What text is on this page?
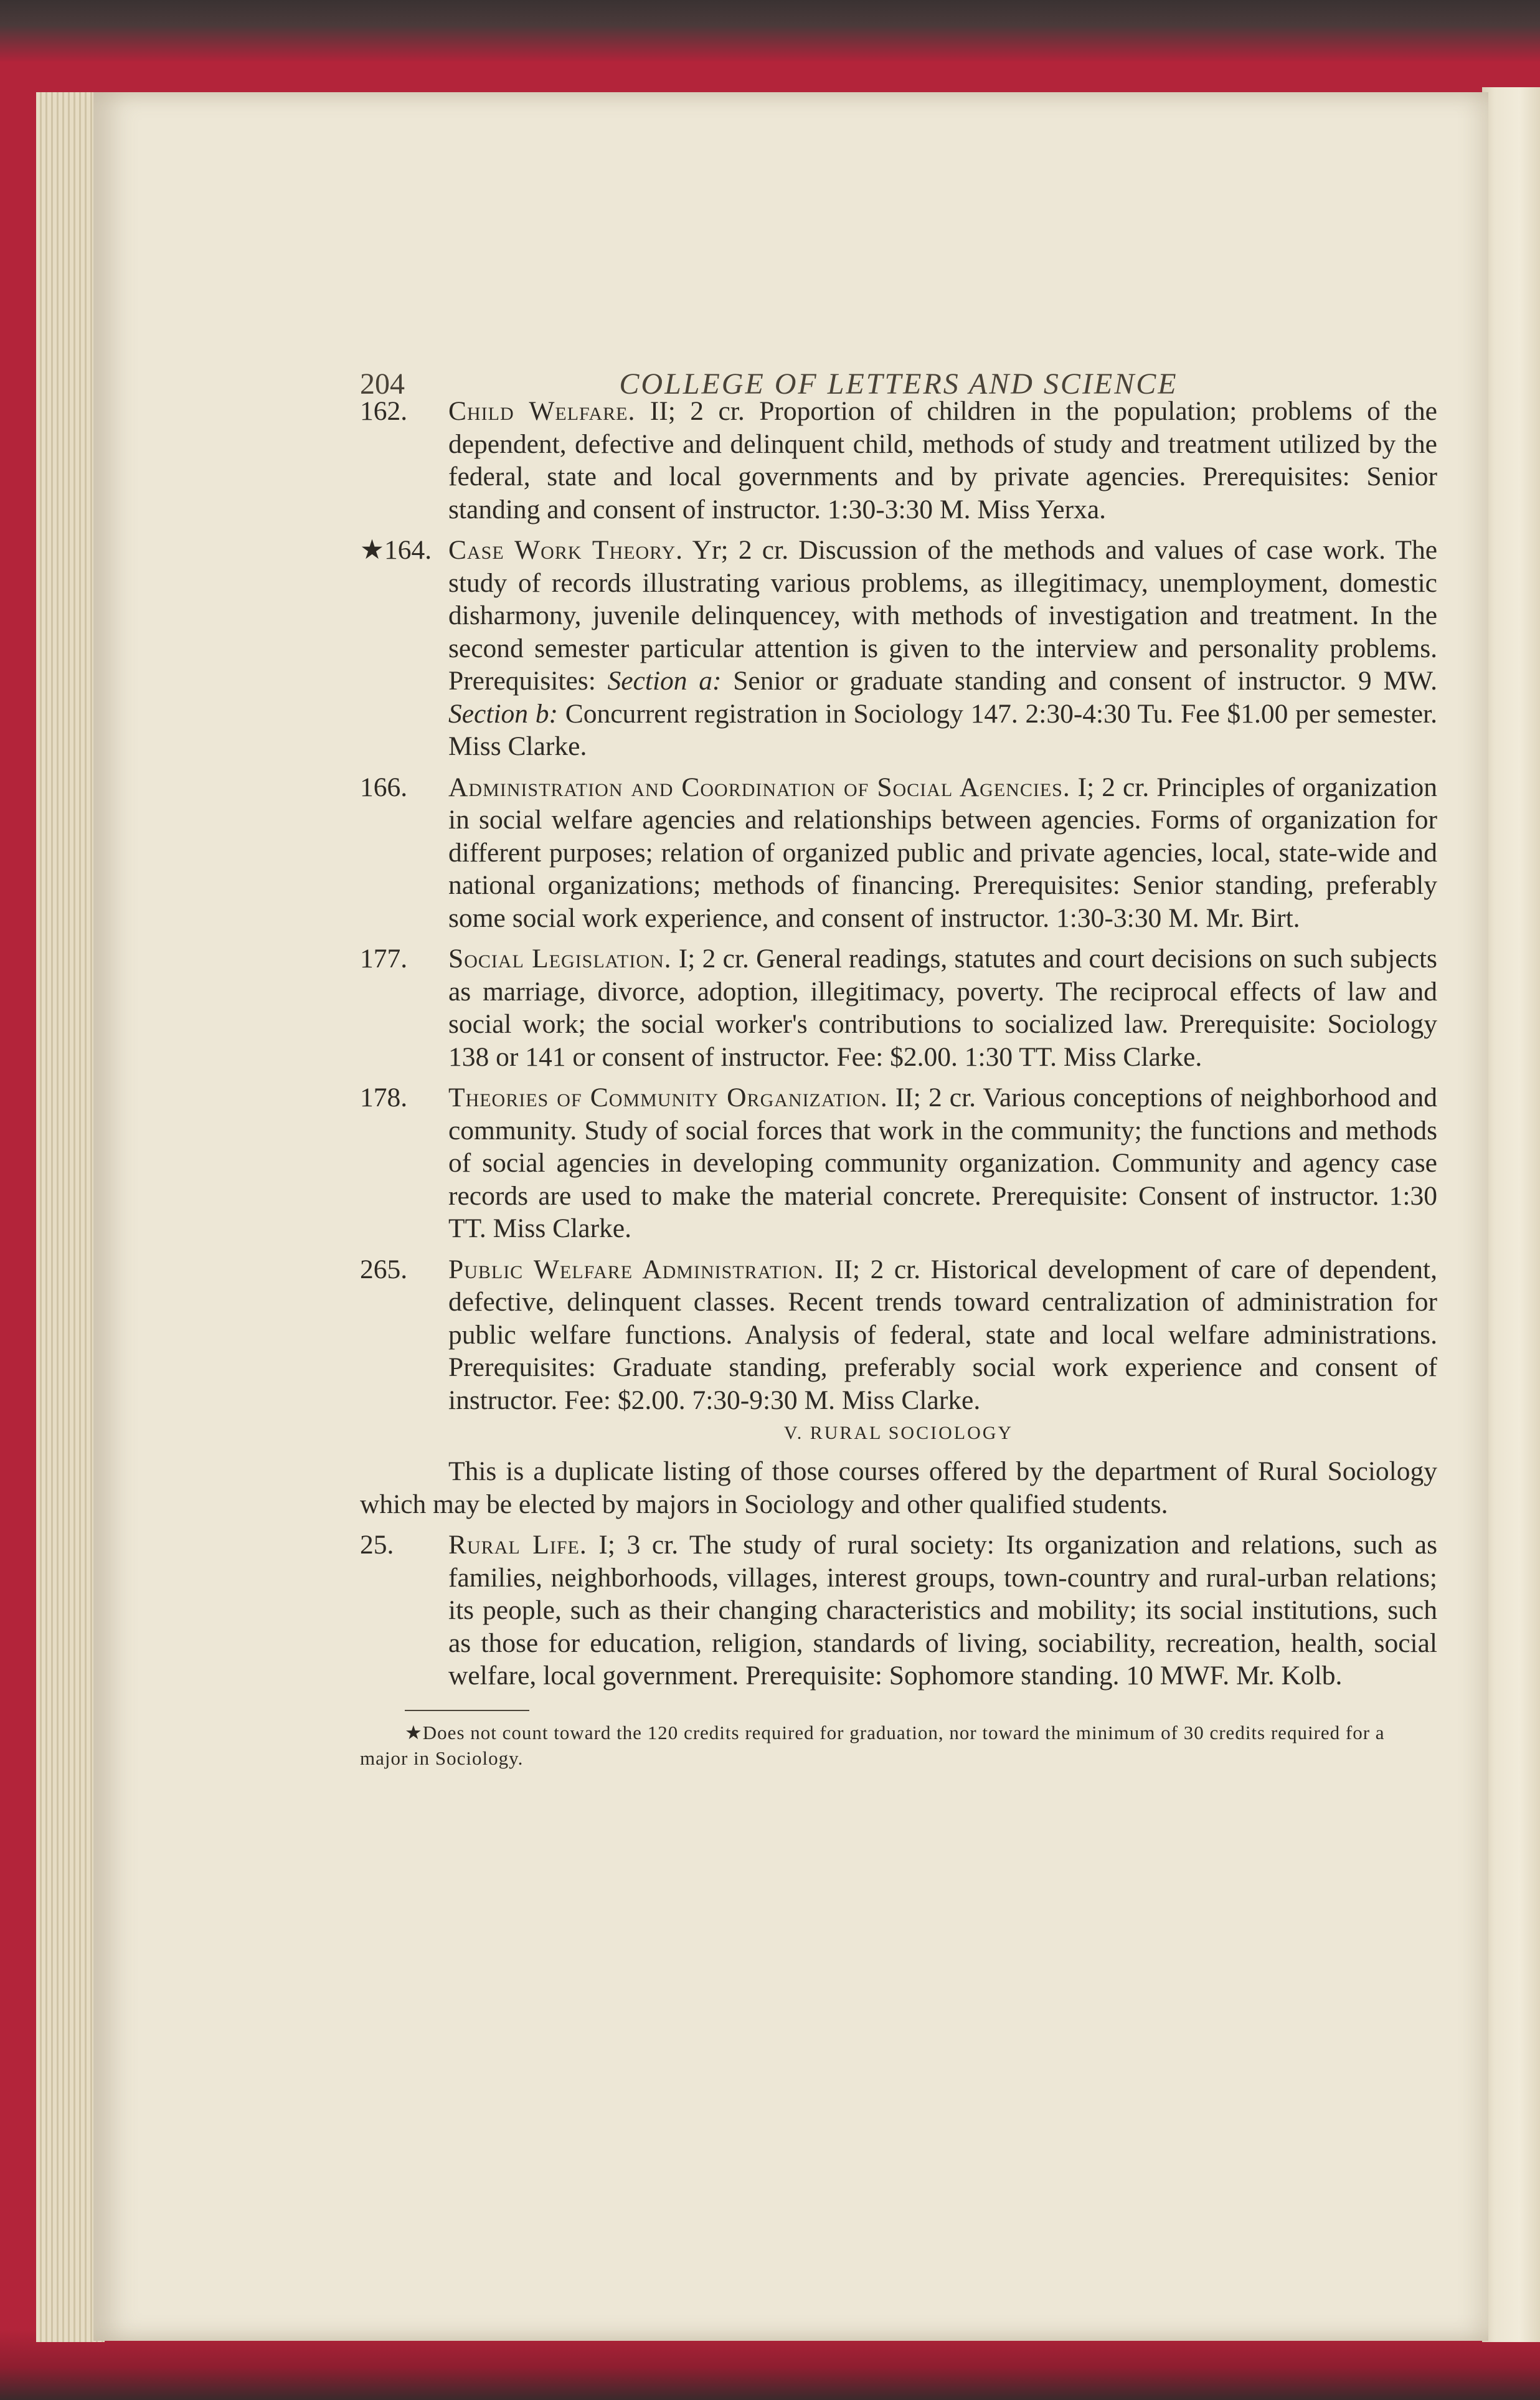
204	COLLEGE OF LETTERS AND SCIENCE

162. Child Welfare. II; 2 cr. Proportion of children in the population; problems of the dependent, defective and delinquent child, methods of study and treatment utilized by the federal, state and local governments and by private agencies. Prerequisites: Senior standing and consent of instructor. 1:30-3:30 M. Miss Yerxa.

★164. Case Work Theory. Yr; 2 cr. Discussion of the methods and values of case work. The study of records illustrating various problems, as illegitimacy, unemployment, domestic disharmony, juvenile delinquencey, with methods of investigation and treatment. In the second semester particular attention is given to the interview and personality problems. Prerequisites: Section a: Senior or graduate standing and consent of instructor. 9 MW. Section b: Concurrent registration in Sociology 147. 2:30-4:30 Tu. Fee $1.00 per semester. Miss Clarke.

166. Administration and Coordination of Social Agencies. I; 2 cr. Principles of organization in social welfare agencies and relationships between agencies. Forms of organization for different purposes; relation of organized public and private agencies, local, state-wide and national organizations; methods of financing. Prerequisites: Senior standing, preferably some social work experience, and consent of instructor. 1:30-3:30 M. Mr. Birt.

177. Social Legislation. I; 2 cr. General readings, statutes and court decisions on such subjects as marriage, divorce, adoption, illegitimacy, poverty. The reciprocal effects of law and social work; the social worker's contributions to socialized law. Prerequisite: Sociology 138 or 141 or consent of instructor. Fee: $2.00. 1:30 TT. Miss Clarke.

178. Theories of Community Organization. II; 2 cr. Various conceptions of neighborhood and community. Study of social forces that work in the community; the functions and methods of social agencies in developing community organization. Community and agency case records are used to make the material concrete. Prerequisite: Consent of instructor. 1:30 TT. Miss Clarke.

265. Public Welfare Administration. II; 2 cr. Historical development of care of dependent, defective, delinquent classes. Recent trends toward centralization of administration for public welfare functions. Analysis of federal, state and local welfare administrations. Prerequisites: Graduate standing, preferably social work experience and consent of instructor. Fee: $2.00. 7:30-9:30 M. Miss Clarke.

V. RURAL SOCIOLOGY

This is a duplicate listing of those courses offered by the department of Rural Sociology which may be elected by majors in Sociology and other qualified students.

25. Rural Life. I; 3 cr. The study of rural society: Its organization and relations, such as families, neighborhoods, villages, interest groups, town-country and rural-urban relations; its people, such as their changing characteristics and mobility; its social institutions, such as those for education, religion, standards of living, sociability, recreation, health, social welfare, local government. Prerequisite: Sophomore standing. 10 MWF. Mr. Kolb.

★Does not count toward the 120 credits required for graduation, nor toward the minimum of 30 credits required for a major in Sociology.
